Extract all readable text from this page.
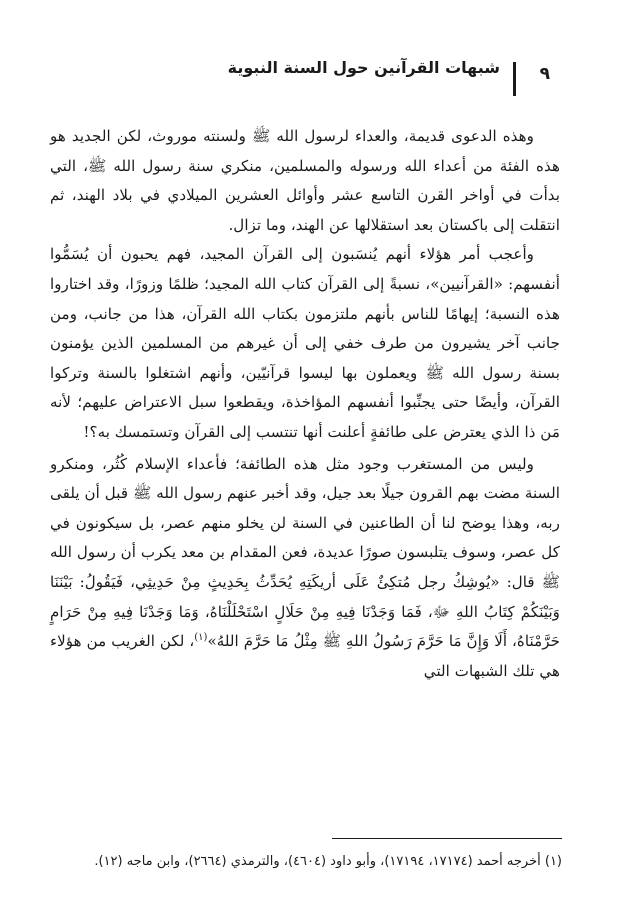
٩
شبهات القرآنين حول السنة النبوية

وهذه الدعوى قديمة، والعداء لرسول الله ﷺ ولسنته موروث، لكن الجديد هو هذه الفئة من أعداء الله ورسوله والمسلمين، منكري سنة رسول الله ﷺ، التي بدأت في أواخر القرن التاسع عشر وأوائل العشرين الميلادي في بلاد الهند، ثم انتقلت إلى باكستان بعد استقلالها عن الهند، وما تزال.

وأعجب أمر هؤلاء أنهم يُنسَبون إلى القرآن المجيد، فهم يحبون أن يُسَمُّوا أنفسهم: «القرآنيين»، نسبةً إلى القرآن كتاب الله المجيد؛ ظلمًا وزورًا، وقد اختاروا هذه النسبة؛ إيهامًا للناس بأنهم ملتزمون بكتاب الله القرآن، هذا من جانب، ومن جانب آخر يشيرون من طرف خفي إلى أن غيرهم من المسلمين الذين يؤمنون بسنة رسول الله ﷺ ويعملون بها ليسوا قرآنيّين، وأنهم اشتغلوا بالسنة وتركوا القرآن، وأيضًا حتى يجنِّبوا أنفسهم المؤاخذة، ويقطعوا سبل الاعتراض عليهم؛ لأنه مَن ذا الذي يعترض على طائفةٍ أعلنت أنها تنتسب إلى القرآن وتستمسك به؟!

وليس من المستغرب وجود مثل هذه الطائفة؛ فأعداء الإسلام كُثُر، ومنكرو السنة مضت بهم القرون جيلًا بعد جيل، وقد أخبر عنهم رسول الله ﷺ قبل أن يلقى ربه، وهذا يوضح لنا أن الطاعنين في السنة لن يخلو منهم عصر، بل سيكونون في كل عصر، وسوف يتلبسون صورًا عديدة، فعن المقدام بن معد يكرب أن رسول الله ﷺ قال: «يُوشِكُ رجل مُتكِئٌ عَلَى أريكَتِهِ يُحَدِّثُ بِحَدِيثٍ مِنْ حَدِيثِي، فَيَقُولُ: بَيْنَنَا وَبَيْنَكُمْ كِتَابُ اللهِ ﷻ، فَمَا وَجَدْنَا فِيهِ مِنْ حَلَالٍ اسْتَحْلَلْنَاهُ، وَمَا وَجَدْنَا فِيهِ مِنْ حَرَامٍ حَرَّمْنَاهُ، أَلَا وَإِنَّ مَا حَرَّمَ رَسُولُ اللهِ ﷺ مِثْلُ مَا حَرَّمَ اللهُ»$^{(١)}$، لكن الغريب من هؤلاء هي تلك الشبهات التي

(١) أخرجه أحمد (١٧١٧٤، ١٧١٩٤)، وأبو داود (٤٦٠٤)، والترمذي (٢٦٦٤)، وابن ماجه (١٢).
